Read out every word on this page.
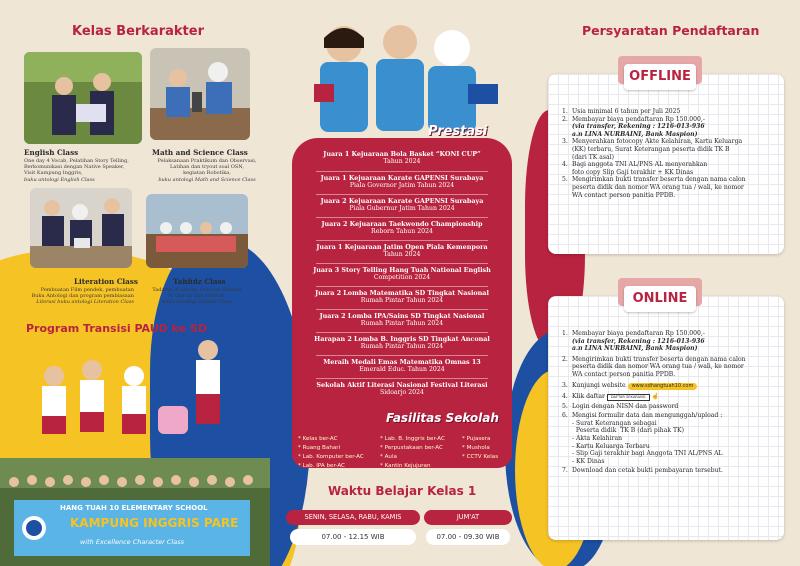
Kelas Berkarakter
English Class
One day 4 Vocab, Pelatihan Story Telling,
Berkomunikasi dengan Native Speaker,
Visit Kampung Inggris,
buku antologi English Class
Math and Science Class
Pelaksanaan Praktikum dan Observasi,
Latihan dan tryout soal OSN,
kegiatan Robotika,
buku antologi Math and Science Class
Literation Class
Pembuatan Film pendek, pembuatan
Buku Antologi dan program pembiasaan
Literasi buku antologi Literation Class
Tahfidz Class
Tadarus Al Quran, Setoran Hafalan
Al Qur'an dan Hadrah,
buku antologi Tahfidz Class
Program Transisi PAUD ke SD
HANG TUAH 10 ELEMENTARY SCHOOL
KAMPUNG INGGRIS PARE
with Excellence Character Class
Prestasi
Juara 1 Kejuaraan Bola Basket “KONI CUP”
Tahun 2024
Juara 1 Kejuaraan Karate GAPENSI Surabaya
Piala Governor Jatim Tahun 2024
Juara 2 Kejuaraan Karate GAPENSI Surabaya
Piala Gubernur Jatim Tahun 2024
Juara 2 Kejuaraan Taekwondo Championship
Reborn Tahun 2024
Juara 1 Kejuaraan Jatim Open Piala Kemenpora
Tahun 2024
Juara 3 Story Telling Hang Tuah National English
Competition 2024
Juara 2 Lomba Matematika SD Tingkat Nasional
Rumah Pintar Tahun 2024
Juara 2 Lomba IPA/Sains SD Tingkat Nasional
Rumah Pintar Tahun 2024
Harapan 2 Lomba B. Inggris SD Tingkat Anconal
Rumah Pintar Tahun 2024
Meraih Medali Emas Matematika Omnas 13
Emerald Educ. Tahun 2024
Sekolah Aktif Literasi Nasional Festival Literasi
Sidoarjo 2024
Fasilitas Sekolah
* Kelas ber-AC
* Ruang Bahari
* Lab. Komputer ber-AC
* Lab. IPA ber-AC
* Lab. B. Inggris ber-AC
* Perpustakaan ber-AC
* Aula
* Kantin Kejujuran
* Pujasera
* Mushola
* CCTV Kelas
Waktu Belajar Kelas 1
SENIN, SELASA, RABU, KAMIS	JUM'AT
07.00 - 12.15 WIB	07.00 - 09.30 WIB
Persyaratan Pendaftaran
OFFLINE
1. Usia minimal 6 tahun per Juli 2025
2. Membayar biaya pendaftaran Rp 150.000,-
(via transfer, Rekening : 1216-013-936
a.n LINA NURBAINI, Bank Maspion)
3. Menyerahkan fotocopy Akte Kelahiran, Kartu Keluarga
(KK) terbaru, Surat Keterangan peserta didik TK B
(dari TK asal)
4. Bagi anggota TNI AL/PNS AL menyerahkan
foto copy Slip Gaji terakhir + KK Dinas
5. Mengirimkan bukti transfer beserta dengan nama calon
peserta didik dan nomor WA orang tua / wali, ke nomor
WA contact person panitia PPDB.
ONLINE
1. Membayar biaya pendaftaran Rp 150.000,-
(via transfer, Rekening : 1216-013-936
a.n LINA NURBAINI, Bank Maspion)
2. Mengirimkan bukti transfer beserta dengan nama calon
peserta didik dan nomor WA orang tua / wali, ke nomor
WA contact person panitia PPDB.
3. Kunjungi website www.sdhangtuah10.com
4. Klik daftar DAFTAR SEKARANG ☝
5. Login dengan NISN dan password
6. Mengisi formulir data dan mengunggah/upload :
- Surat Keterangan sebagai
Peserta didik  TK B (dari pihak TK)
- Akta Kelahiran
- Kartu Keluarga Terbaru
- Slip Gaji terakhir bagi Anggota TNI AL/PNS AL
- KK Dinas
7. Download dan cetak bukti pembayaran tersebut.
